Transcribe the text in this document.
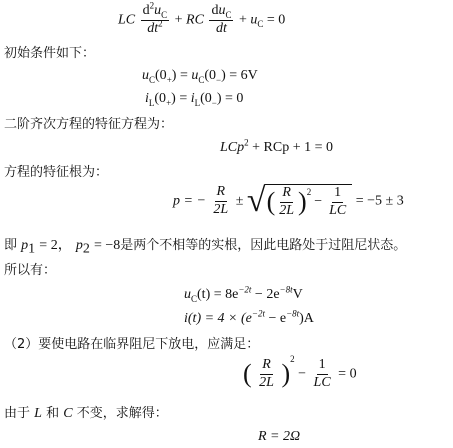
LC $\frac{d^2u_C}{dt^2}$ + RC $\frac{du_C}{dt} + u_C = 0$
初始条件如下：
$u_C(0_+) = u_C(0_-) = 6V$
$i_L(0_+) = i_L(0_-) = 0$
二阶齐次方程的特征方程为：
LCp$^2$ + RCp + 1 = 0
方程的特征根为：
p = − $\frac{R}{2L}$ ± √ ( $\frac{R}{2L} )^2$
− $\frac{1}{LC} = -5 \pm 3$
即 $p_1 = 2$， $p_2 = -8$是两个不相等的实根，因此电路处于过阻尼状态。
所以有：
$u_C(t) = 8e^{-2t} - 2e^{-8t}V$
$i(t) = 4 \times (e^{-2t} - e^{-8t})A$
（2）要使电路在临界阻尼下放电，应满足：
( $\frac{R}{2L} )^2 - \frac{1}{LC} = 0$
由于 L 和 C 不变，求解得：
R = 2Ω
